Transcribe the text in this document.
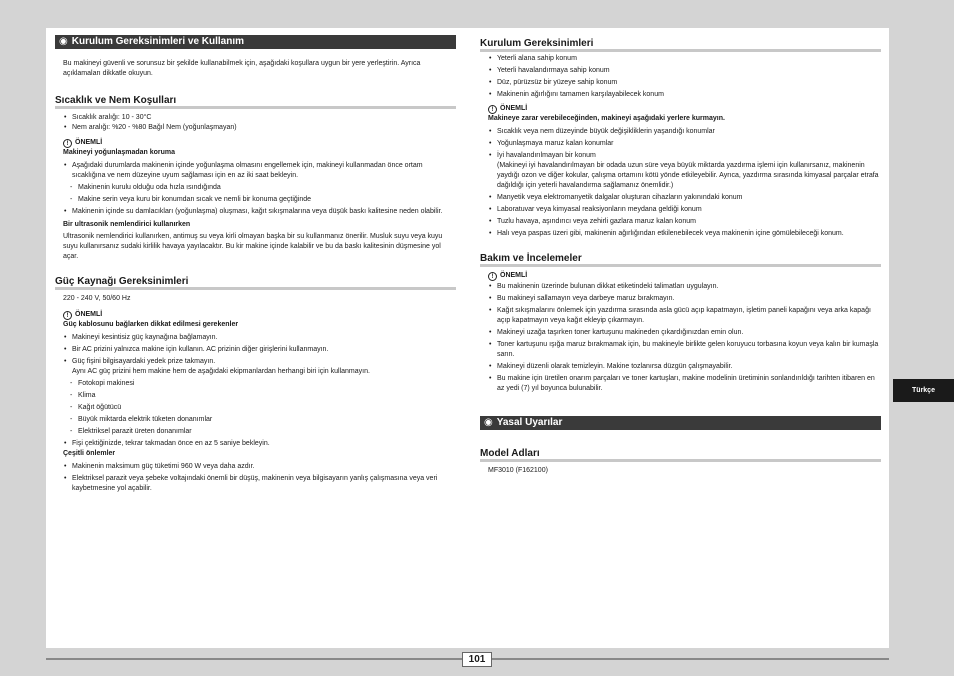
◉ Kurulum Gereksinimleri ve Kullanım

Bu makineyi güvenli ve sorunsuz bir şekilde kullanabilmek için, aşağıdaki koşullara uygun bir yere yerleştirin. Ayrıca açıklamaları dikkatle okuyun.

Sıcaklık ve Nem Koşulları
• Sıcaklık aralığı: 10 - 30°C
• Nem aralığı: %20 - %80 Bağıl Nem (yoğunlaşmayan)
! ÖNEMLİ
Makineyi yoğunlaşmadan koruma
• Aşağıdaki durumlarda makinenin içinde yoğunlaşma olmasını engellemek için, makineyi kullanmadan önce ortam sıcaklığına ve nem düzeyine uyum sağlaması için en az iki saat bekleyin.
- Makinenin kurulu olduğu oda hızla ısındığında
- Makine serin veya kuru bir konumdan sıcak ve nemli bir konuma geçtiğinde
• Makinenin içinde su damlacıkları (yoğunlaşma) oluşması, kağıt sıkışmalarına veya düşük baskı kalitesine neden olabilir.
Bir ultrasonik nemlendirici kullanırken

Ultrasonik nemlendirici kullanırken, antimuş su veya kirli olmayan başka bir su kullanmanız önerilir. Musluk suyu veya kuyu suyu kullanırsanız sudaki kirlilik havaya yayılacaktır. Bu kir makine içinde kalabilir ve bu da baskı kalitesinin düşmesine yol açar.

Güç Kaynağı Gereksinimleri

220 - 240 V, 50/60 Hz

! ÖNEMLİ
Güç kablosunu bağlarken dikkat edilmesi gerekenler
• Makineyi kesintisiz güç kaynağına bağlamayın.
• Bir AC prizini yalnızca makine için kullanın. AC prizinin diğer girişlerini kullanmayın.
• Güç fişini bilgisayardaki yedek prize takmayın.

Aynı AC güç prizini hem makine hem de aşağıdaki ekipmanlardan herhangi biri için kullanmayın.

- Fotokopi makinesi
- Klima
- Kağıt öğütücü
- Büyük miktarda elektrik tüketen donanımlar
- Elektriksel parazit üreten donanımlar
• Fişi çektiğinizde, tekrar takmadan önce en az 5 saniye bekleyin.
Çeşitli önlemler
• Makinenin maksimum güç tüketimi 960 W veya daha azdır.
• Elektriksel parazit veya şebeke voltajındaki önemli bir düşüş, makinenin veya bilgisayarın yanlış çalışmasına veya veri kaybetmesine yol açabilir.
Kurulum Gereksinimleri
• Yeterli alana sahip konum
• Yeterli havalandırmaya sahip konum
• Düz, pürüzsüz bir yüzeye sahip konum
• Makinenin ağırlığını tamamen karşılayabilecek konum
! ÖNEMLİ
Makineye zarar verebileceğinden, makineyi aşağıdaki yerlere kurmayın.
• Sıcaklık veya nem düzeyinde büyük değişikliklerin yaşandığı konumlar
• Yoğunlaşmaya maruz kalan konumlar
• İyi havalandırılmayan bir konum

(Makineyi iyi havalandırılmayan bir odada uzun süre veya büyük miktarda yazdırma işlemi için kullanırsanız, makinenin yaydığı ozon ve diğer kokular, çalışma ortamını kötü yönde etkileyebilir. Ayrıca, yazdırma sırasında kimyasal parçalar etrafa dağıldığı için yeterli havalandırma sağlamanız önemlidir.)

• Manyetik veya elektromanyetik dalgalar oluşturan cihazların yakınındaki konum
• Laboratuvar veya kimyasal reaksiyonların meydana geldiği konum
• Tuzlu havaya, aşındırıcı veya zehirli gazlara maruz kalan konum
• Halı veya paspas üzeri gibi, makinenin ağırlığından etkilenebilecek veya makinenin içine gömülebileceği konum.
Bakım ve İncelemeler
! ÖNEMLİ
• Bu makinenin üzerinde bulunan dikkat etiketindeki talimatları uygulayın.
• Bu makineyi sallamayın veya darbeye maruz bırakmayın.
• Kağıt sıkışmalarını önlemek için yazdırma sırasında asla gücü açıp kapatmayın, işletim paneli kapağını veya arka kapağı açıp kapatmayın veya kağıt ekleyip çıkarmayın.
• Makineyi uzağa taşırken toner kartuşunu makineden çıkardığınızdan emin olun.
• Toner kartuşunu ışığa maruz bırakmamak için, bu makineyle birlikte gelen koruyucu torbasına koyun veya kalın bir kumaşla sarın.
• Makineyi düzenli olarak temizleyin. Makine tozlanırsa düzgün çalışmayabilir.
• Bu makine için üretilen onarım parçaları ve toner kartuşları, makine modelinin üretiminin sonlandırıldığı tarihten itibaren en az yedi (7) yıl boyunca bulunabilir.
◉ Yasal Uyarılar
Model Adları

MF3010 (F162100)

101
Türkçe
